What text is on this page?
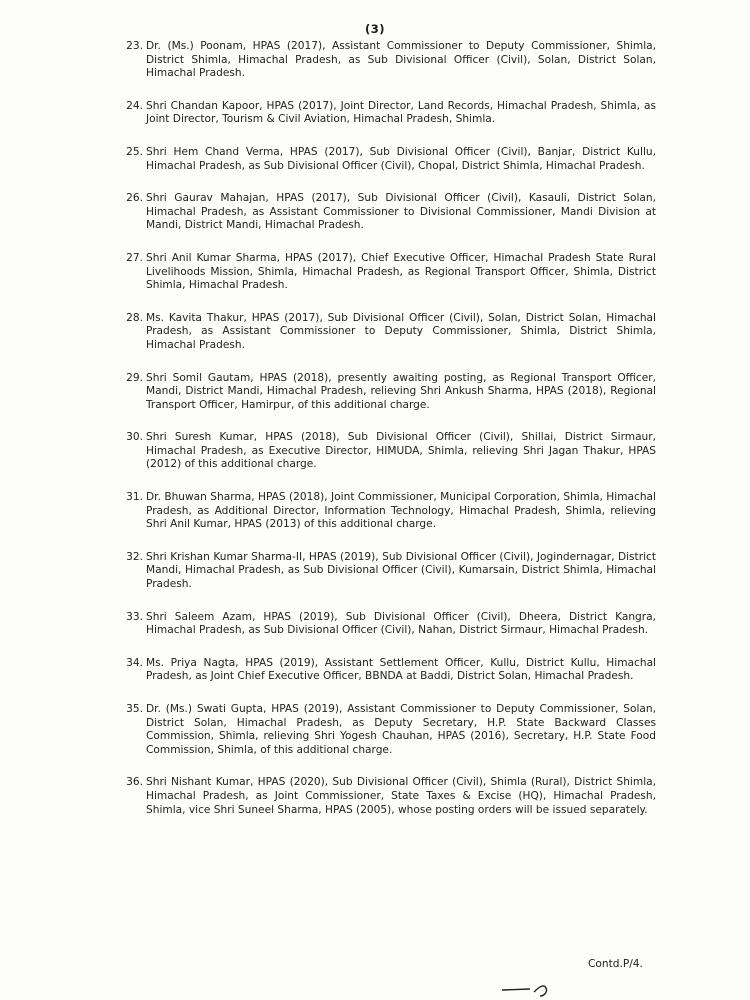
(3)
23. Dr. (Ms.) Poonam, HPAS (2017), Assistant Commissioner to Deputy Commissioner, Shimla, District Shimla, Himachal Pradesh, as Sub Divisional Officer (Civil), Solan, District Solan, Himachal Pradesh.
24. Shri Chandan Kapoor, HPAS (2017), Joint Director, Land Records, Himachal Pradesh, Shimla, as Joint Director, Tourism & Civil Aviation, Himachal Pradesh, Shimla.
25. Shri Hem Chand Verma, HPAS (2017), Sub Divisional Officer (Civil), Banjar, District Kullu, Himachal Pradesh, as Sub Divisional Officer (Civil), Chopal, District Shimla, Himachal Pradesh.
26. Shri Gaurav Mahajan, HPAS (2017), Sub Divisional Officer (Civil), Kasauli, District Solan, Himachal Pradesh, as Assistant Commissioner to Divisional Commissioner, Mandi Division at Mandi, District Mandi, Himachal Pradesh.
27. Shri Anil Kumar Sharma, HPAS (2017), Chief Executive Officer, Himachal Pradesh State Rural Livelihoods Mission, Shimla, Himachal Pradesh, as Regional Transport Officer, Shimla, District Shimla, Himachal Pradesh.
28. Ms. Kavita Thakur, HPAS (2017), Sub Divisional Officer (Civil), Solan, District Solan, Himachal Pradesh, as Assistant Commissioner to Deputy Commissioner, Shimla, District Shimla, Himachal Pradesh.
29. Shri Somil Gautam, HPAS (2018), presently awaiting posting, as Regional Transport Officer, Mandi, District Mandi, Himachal Pradesh, relieving Shri Ankush Sharma, HPAS (2018), Regional Transport Officer, Hamirpur, of this additional charge.
30. Shri Suresh Kumar, HPAS (2018), Sub Divisional Officer (Civil), Shillai, District Sirmaur, Himachal Pradesh, as Executive Director, HIMUDA, Shimla, relieving Shri Jagan Thakur, HPAS (2012) of this additional charge.
31. Dr. Bhuwan Sharma, HPAS (2018), Joint Commissioner, Municipal Corporation, Shimla, Himachal Pradesh, as Additional Director, Information Technology, Himachal Pradesh, Shimla, relieving Shri Anil Kumar, HPAS (2013) of this additional charge.
32. Shri Krishan Kumar Sharma-II, HPAS (2019), Sub Divisional Officer (Civil), Jogindernagar, District Mandi, Himachal Pradesh, as Sub Divisional Officer (Civil), Kumarsain, District Shimla, Himachal Pradesh.
33. Shri Saleem Azam, HPAS (2019), Sub Divisional Officer (Civil), Dheera, District Kangra, Himachal Pradesh, as Sub Divisional Officer (Civil), Nahan, District Sirmaur, Himachal Pradesh.
34. Ms. Priya Nagta, HPAS (2019), Assistant Settlement Officer, Kullu, District Kullu, Himachal Pradesh, as Joint Chief Executive Officer, BBNDA at Baddi, District Solan, Himachal Pradesh.
35. Dr. (Ms.) Swati Gupta, HPAS (2019), Assistant Commissioner to Deputy Commissioner, Solan, District Solan, Himachal Pradesh, as Deputy Secretary, H.P. State Backward Classes Commission, Shimla, relieving Shri Yogesh Chauhan, HPAS (2016), Secretary, H.P. State Food Commission, Shimla, of this additional charge.
36. Shri Nishant Kumar, HPAS (2020), Sub Divisional Officer (Civil), Shimla (Rural), District Shimla, Himachal Pradesh, as Joint Commissioner, State Taxes & Excise (HQ), Himachal Pradesh, Shimla, vice Shri Suneel Sharma, HPAS (2005), whose posting orders will be issued separately.
Contd.P/4.
